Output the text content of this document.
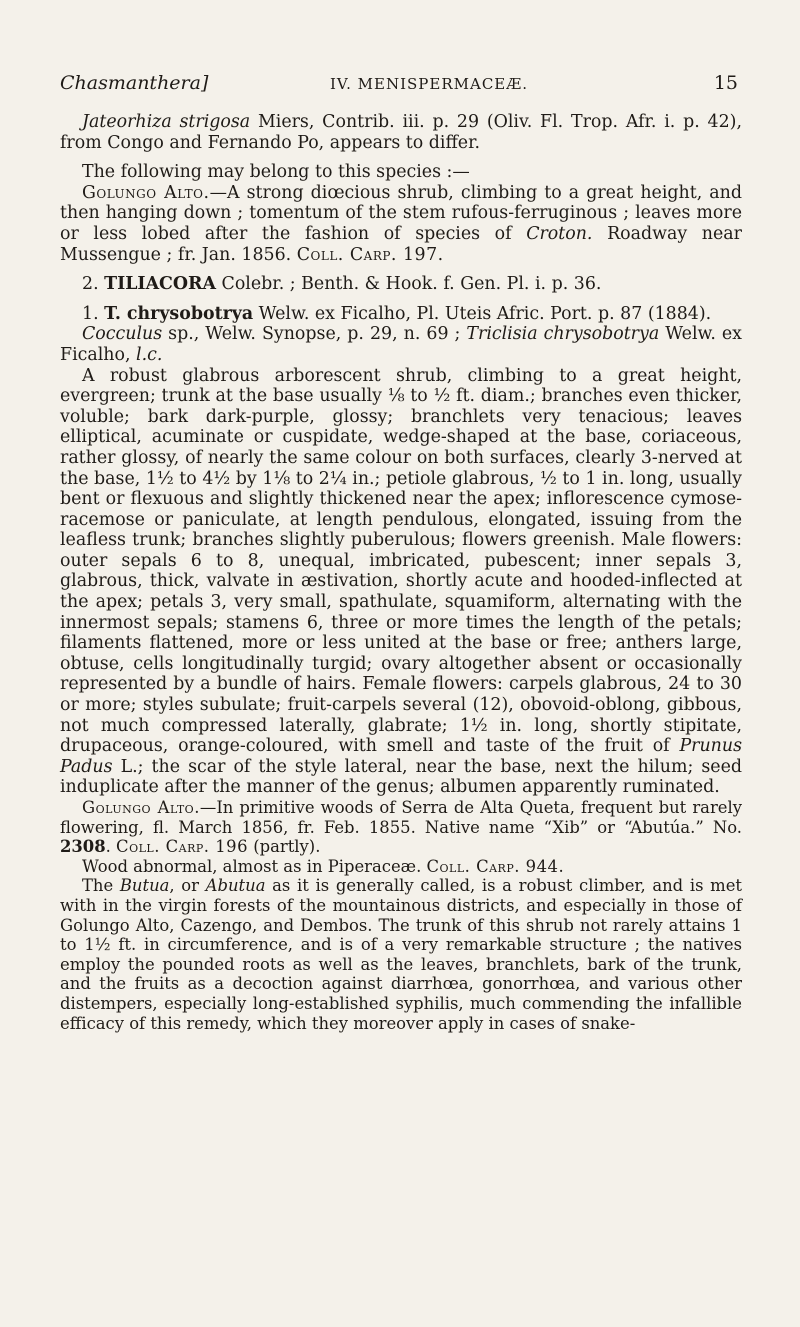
Chasmanthera]	IV. MENISPERMACEÆ.	15

Jateorhiza strigosa Miers, Contrib. iii. p. 29 (Oliv. Fl. Trop. Afr. i. p. 42), from Congo and Fernando Po, appears to differ.

The following may belong to this species :—

Golungo Alto.—A strong diœcious shrub, climbing to a great height, and then hanging down ; tomentum of the stem rufous-ferruginous ; leaves more or less lobed after the fashion of species of Croton. Roadway near Mussengue ; fr. Jan. 1856. Coll. Carp. 197.

2. TILIACORA Colebr. ; Benth. & Hook. f. Gen. Pl. i. p. 36.

1. T. chrysobotrya Welw. ex Ficalho, Pl. Uteis Afric. Port. p. 87 (1884).

Cocculus sp., Welw. Synopse, p. 29, n. 69 ; Triclisia chrysobotrya Welw. ex Ficalho, l.c.

A robust glabrous arborescent shrub, climbing to a great height, evergreen; trunk at the base usually ⅛ to ½ ft. diam.; branches even thicker, voluble; bark dark-purple, glossy; branchlets very tenacious; leaves elliptical, acuminate or cuspidate, wedge-shaped at the base, coriaceous, rather glossy, of nearly the same colour on both surfaces, clearly 3-nerved at the base, 1½ to 4½ by 1⅛ to 2¼ in.; petiole glabrous, ½ to 1 in. long, usually bent or flexuous and slightly thickened near the apex; inflorescence cymose-racemose or paniculate, at length pendulous, elongated, issuing from the leafless trunk; branches slightly puberulous; flowers greenish. Male flowers: outer sepals 6 to 8, unequal, imbricated, pubescent; inner sepals 3, glabrous, thick, valvate in æstivation, shortly acute and hooded-inflected at the apex; petals 3, very small, spathulate, squamiform, alternating with the innermost sepals; stamens 6, three or more times the length of the petals; filaments flattened, more or less united at the base or free; anthers large, obtuse, cells longitudinally turgid; ovary altogether absent or occasionally represented by a bundle of hairs. Female flowers: carpels glabrous, 24 to 30 or more; styles subulate; fruit-carpels several (12), obovoid-oblong, gibbous, not much compressed laterally, glabrate; 1½ in. long, shortly stipitate, drupaceous, orange-coloured, with smell and taste of the fruit of Prunus Padus L.; the scar of the style lateral, near the base, next the hilum; seed induplicate after the manner of the genus; albumen apparently ruminated.

Golungo Alto.—In primitive woods of Serra de Alta Queta, frequent but rarely flowering, fl. March 1856, fr. Feb. 1855. Native name “Xib” or “Abutúa.” No. 2308. Coll. Carp. 196 (partly).

Wood abnormal, almost as in Piperaceæ. Coll. Carp. 944.

The Butua, or Abutua as it is generally called, is a robust climber, and is met with in the virgin forests of the mountainous districts, and especially in those of Golungo Alto, Cazengo, and Dembos. The trunk of this shrub not rarely attains 1 to 1½ ft. in circumference, and is of a very remarkable structure ; the natives employ the pounded roots as well as the leaves, branchlets, bark of the trunk, and the fruits as a decoction against diarrhœa, gonorrhœa, and various other distempers, especially long-established syphilis, much commending the infallible efficacy of this remedy, which they moreover apply in cases of snake-
